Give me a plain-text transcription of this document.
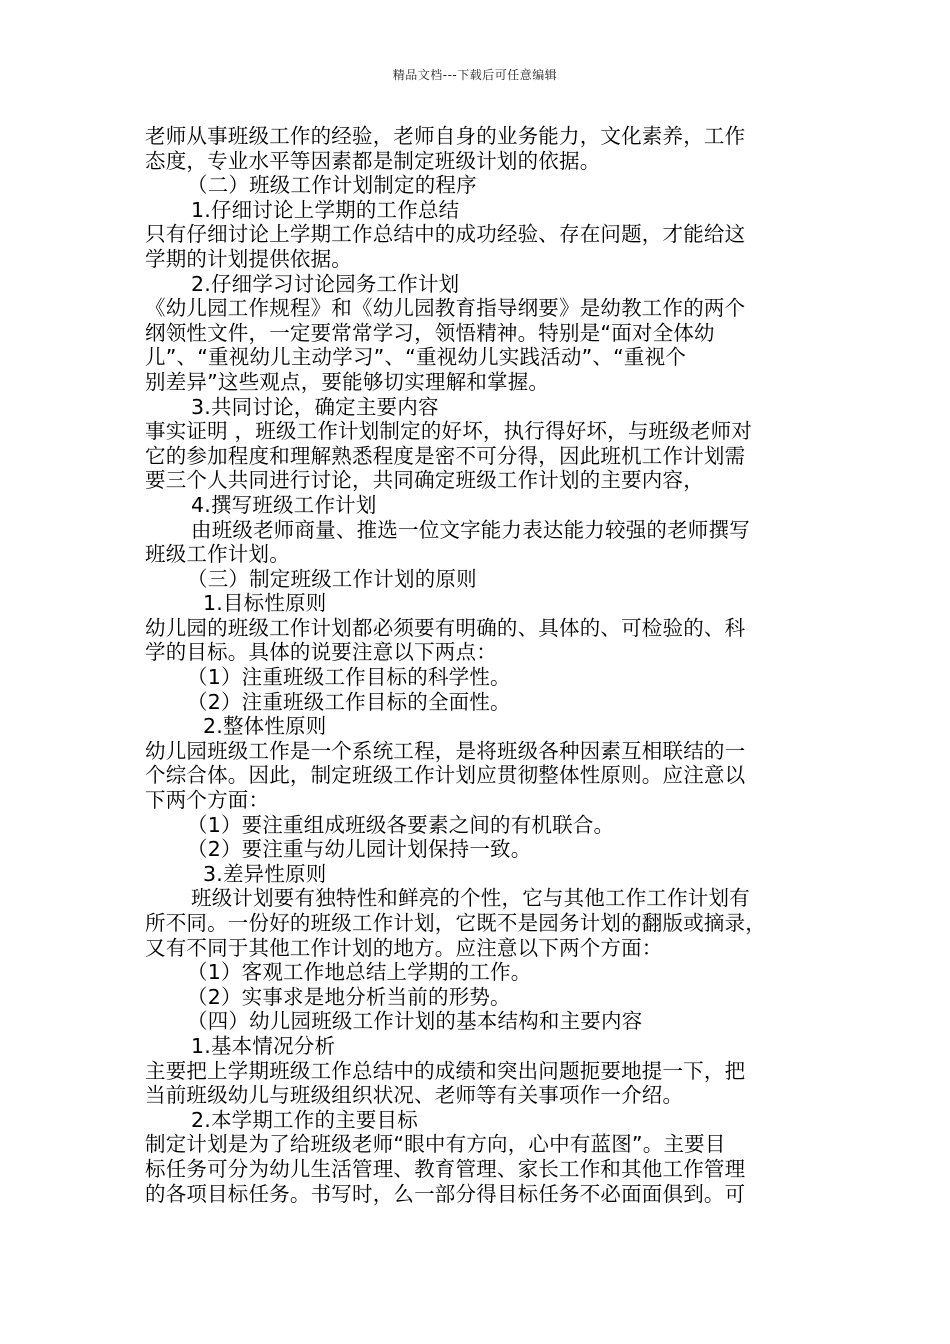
精品文档---下载后可任意编辑
老师从事班级工作的经验，老师自身的业务能力，文化素养，工作
态度，专业水平等因素都是制定班级计划的依据。
（二）班级工作计划制定的程序
1.仔细讨论上学期的工作总结
只有仔细讨论上学期工作总结中的成功经验、存在问题，才能给这
学期的计划提供依据。
2.仔细学习讨论园务工作计划
《幼儿园工作规程》和《幼儿园教育指导纲要》是幼教工作的两个
纲领性文件，一定要常常学习，领悟精神。特别是“面对全体幼
儿”、“重视幼儿主动学习”、“重视幼儿实践活动”、“重视个
别差异”这些观点，要能够切实理解和掌握。
3.共同讨论，确定主要内容
事实证明 ，班级工作计划制定的好坏，执行得好坏，与班级老师对
它的参加程度和理解熟悉程度是密不可分得，因此班机工作计划需
要三个人共同进行讨论，共同确定班级工作计划的主要内容，
4.撰写班级工作计划
由班级老师商量、推选一位文字能力表达能力较强的老师撰写
班级工作计划。
（三）制定班级工作计划的原则
1.目标性原则
幼儿园的班级工作计划都必须要有明确的、具体的、可检验的、科
学的目标。具体的说要注意以下两点：
（1）注重班级工作目标的科学性。
（2）注重班级工作目标的全面性。
2.整体性原则
幼儿园班级工作是一个系统工程，是将班级各种因素互相联结的一
个综合体。因此，制定班级工作计划应贯彻整体性原则。应注意以
下两个方面：
（1）要注重组成班级各要素之间的有机联合。
（2）要注重与幼儿园计划保持一致。
3.差异性原则
班级计划要有独特性和鲜亮的个性，它与其他工作工作计划有
所不同。一份好的班级工作计划，它既不是园务计划的翻版或摘录，
又有不同于其他工作计划的地方。应注意以下两个方面：
（1）客观工作地总结上学期的工作。
（2）实事求是地分析当前的形势。
（四）幼儿园班级工作计划的基本结构和主要内容
1.基本情况分析
主要把上学期班级工作总结中的成绩和突出问题扼要地提一下，把
当前班级幼儿与班级组织状况、老师等有关事项作一介绍。
2.本学期工作的主要目标
制定计划是为了给班级老师“眼中有方向，心中有蓝图”。主要目
标任务可分为幼儿生活管理、教育管理、家长工作和其他工作管理
的各项目标任务。书写时，么一部分得目标任务不必面面俱到。可
